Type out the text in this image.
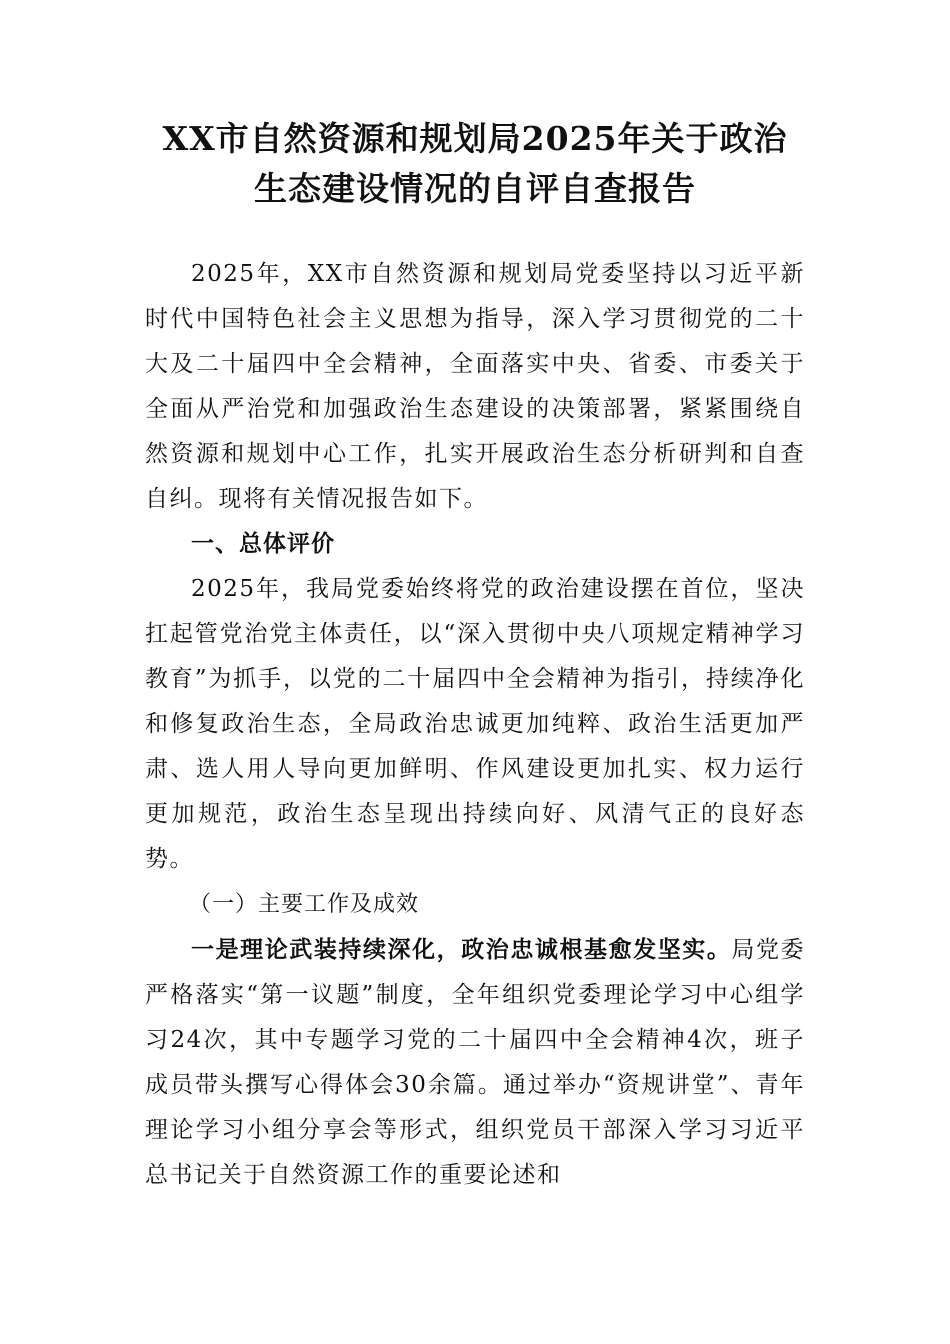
XX市自然资源和规划局2025年关于政治
生态建设情况的自评自查报告

2025年，XX市自然资源和规划局党委坚持以习近平新时代中国特色社会主义思想为指导，深入学习贯彻党的二十大及二十届四中全会精神，全面落实中央、省委、市委关于全面从严治党和加强政治生态建设的决策部署，紧紧围绕自然资源和规划中心工作，扎实开展政治生态分析研判和自查自纠。现将有关情况报告如下。

一、总体评价

2025年，我局党委始终将党的政治建设摆在首位，坚决扛起管党治党主体责任，以“深入贯彻中央八项规定精神学习教育”为抓手，以党的二十届四中全会精神为指引，持续净化和修复政治生态，全局政治忠诚更加纯粹、政治生活更加严肃、选人用人导向更加鲜明、作风建设更加扎实、权力运行更加规范，政治生态呈现出持续向好、风清气正的良好态势。

（一）主要工作及成效

一是理论武装持续深化，政治忠诚根基愈发坚实。局党委严格落实“第一议题”制度，全年组织党委理论学习中心组学习24次，其中专题学习党的二十届四中全会精神4次，班子成员带头撰写心得体会30余篇。通过举办“资规讲堂”、青年理论学习小组分享会等形式，组织党员干部深入学习习近平总书记关于自然资源工作的重要论述和
